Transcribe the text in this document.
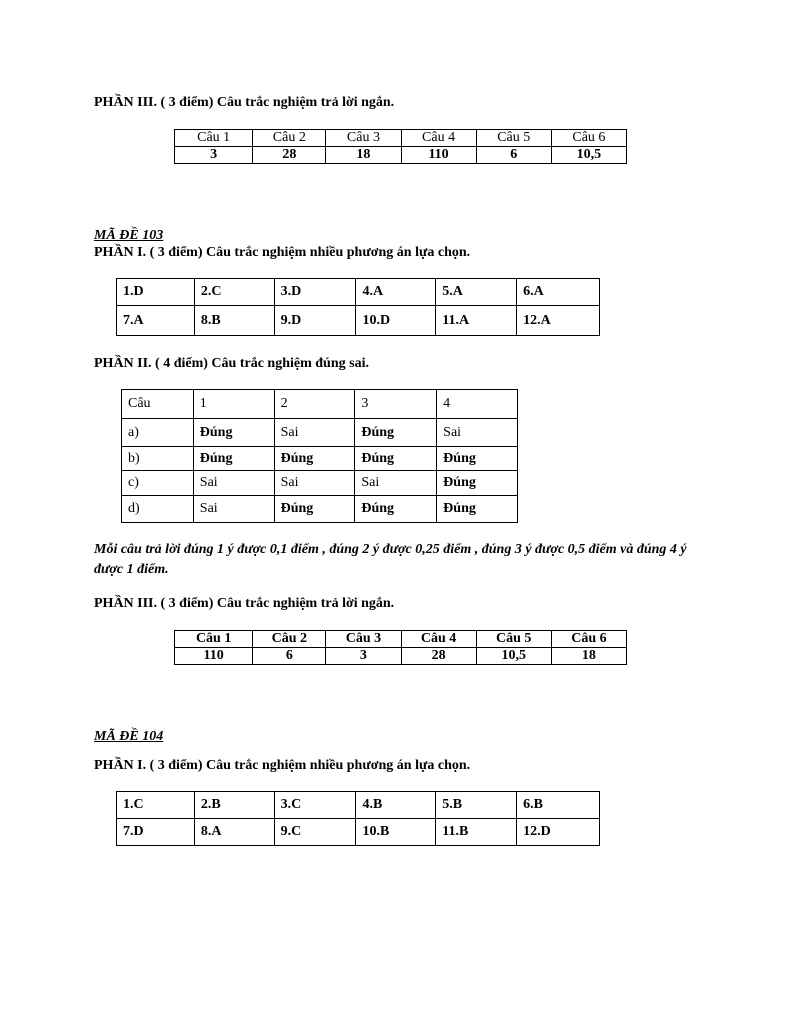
PHẦN III. ( 3 điểm) Câu trắc nghiệm trả lời ngắn.
Câu 1	Câu 2	Câu 3	Câu 4	Câu 5	Câu 6
3	28	18	110	6	10,5
MÃ ĐỀ 103
PHẦN I. ( 3 điểm) Câu trắc nghiệm nhiều phương án lựa chọn.
1.D	2.C	3.D	4.A	5.A	6.A
7.A	8.B	9.D	10.D	11.A	12.A
PHẦN II. ( 4 điểm) Câu trắc nghiệm đúng sai.
Câu	1	2	3	4
a)	Đúng	Sai	Đúng	Sai
b)	Đúng	Đúng	Đúng	Đúng
c)	Sai	Sai	Sai	Đúng
d)	Sai	Đúng	Đúng	Đúng
Mỗi câu trả lời đúng 1 ý được 0,1 điểm , đúng 2 ý được 0,25 điểm , đúng 3 ý được 0,5 điểm và đúng 4 ý được 1 điểm.
PHẦN III. ( 3 điểm) Câu trắc nghiệm trả lời ngắn.
Câu 1	Câu 2	Câu 3	Câu 4	Câu 5	Câu 6
110	6	3	28	10,5	18
MÃ ĐỀ 104
PHẦN I. ( 3 điểm) Câu trắc nghiệm nhiều phương án lựa chọn.
1.C	2.B	3.C	4.B	5.B	6.B
7.D	8.A	9.C	10.B	11.B	12.D
